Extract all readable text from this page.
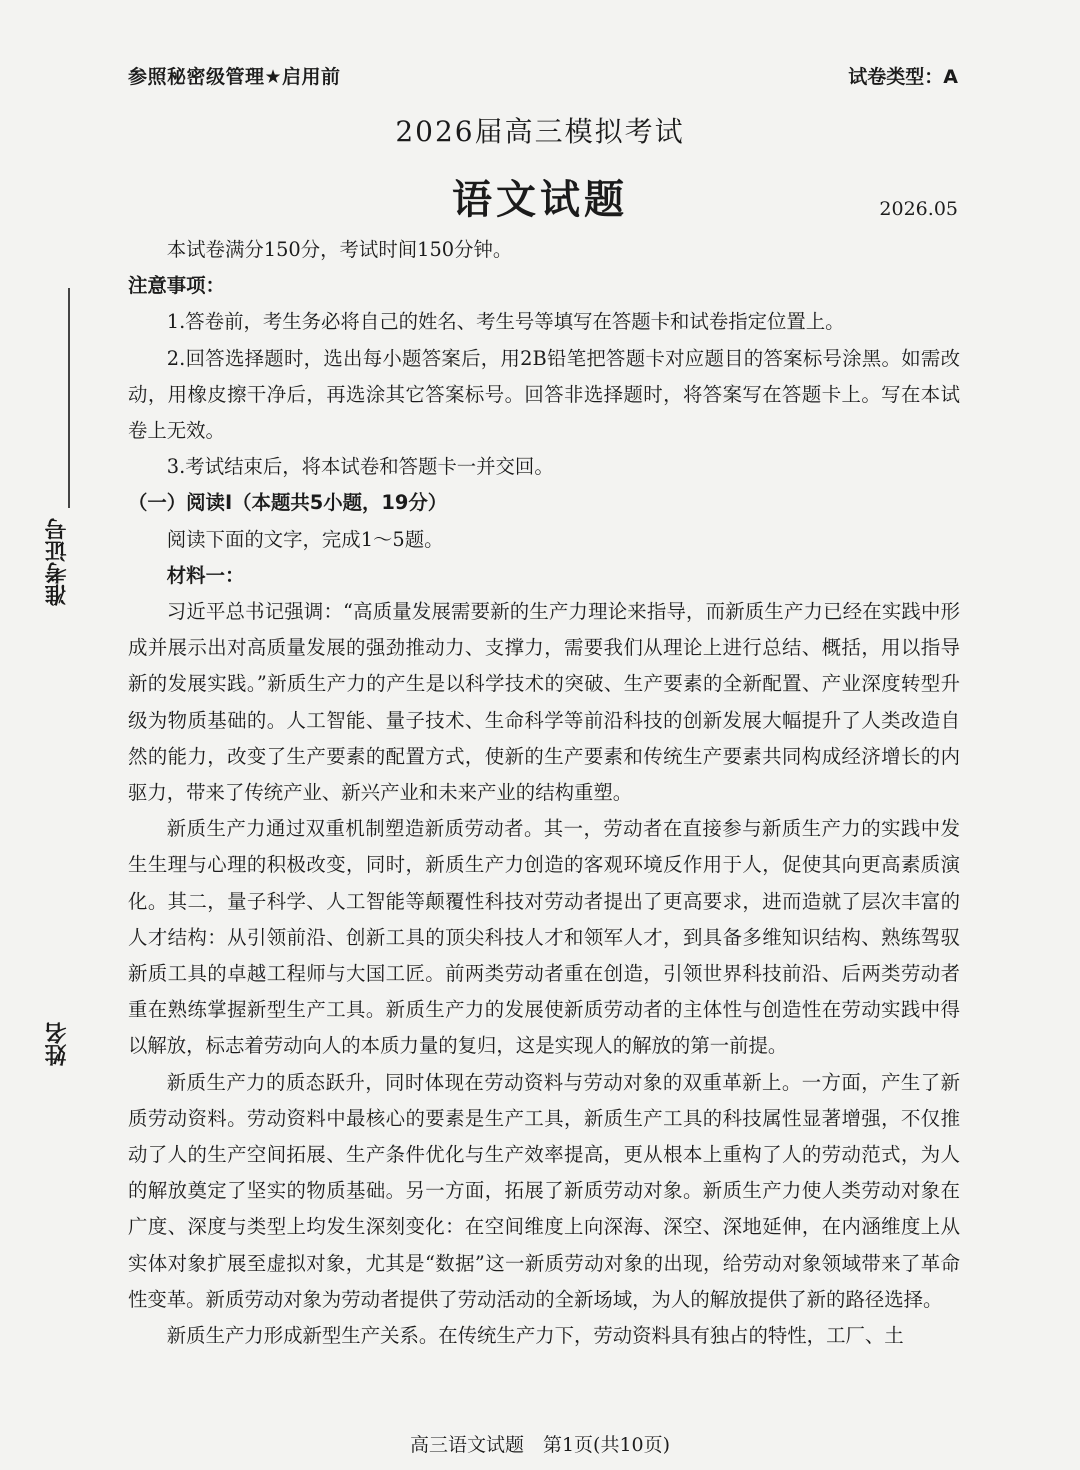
参照秘密级管理★启用前	试卷类型：A
2026届高三模拟考试
语文试题	2026.05
准考证号
姓名

本试卷满分150分，考试时间150分钟。

注意事项：

1.答卷前，考生务必将自己的姓名、考生号等填写在答题卡和试卷指定位置上。

2.回答选择题时，选出每小题答案后，用2B铅笔把答题卡对应题目的答案标号涂黑。如需改动，用橡皮擦干净后，再选涂其它答案标号。回答非选择题时，将答案写在答题卡上。写在本试卷上无效。

3.考试结束后，将本试卷和答题卡一并交回。

（一）阅读Ⅰ（本题共5小题，19分）

阅读下面的文字，完成1～5题。

材料一：

习近平总书记强调：“高质量发展需要新的生产力理论来指导，而新质生产力已经在实践中形成并展示出对高质量发展的强劲推动力、支撑力，需要我们从理论上进行总结、概括，用以指导新的发展实践。”新质生产力的产生是以科学技术的突破、生产要素的全新配置、产业深度转型升级为物质基础的。人工智能、量子技术、生命科学等前沿科技的创新发展大幅提升了人类改造自然的能力，改变了生产要素的配置方式，使新的生产要素和传统生产要素共同构成经济增长的内驱力，带来了传统产业、新兴产业和未来产业的结构重塑。

新质生产力通过双重机制塑造新质劳动者。其一，劳动者在直接参与新质生产力的实践中发生生理与心理的积极改变，同时，新质生产力创造的客观环境反作用于人，促使其向更高素质演化。其二，量子科学、人工智能等颠覆性科技对劳动者提出了更高要求，进而造就了层次丰富的人才结构：从引领前沿、创新工具的顶尖科技人才和领军人才，到具备多维知识结构、熟练驾驭新质工具的卓越工程师与大国工匠。前两类劳动者重在创造，引领世界科技前沿、后两类劳动者重在熟练掌握新型生产工具。新质生产力的发展使新质劳动者的主体性与创造性在劳动实践中得以解放，标志着劳动向人的本质力量的复归，这是实现人的解放的第一前提。

新质生产力的质态跃升，同时体现在劳动资料与劳动对象的双重革新上。一方面，产生了新质劳动资料。劳动资料中最核心的要素是生产工具，新质生产工具的科技属性显著增强，不仅推动了人的生产空间拓展、生产条件优化与生产效率提高，更从根本上重构了人的劳动范式，为人的解放奠定了坚实的物质基础。另一方面，拓展了新质劳动对象。新质生产力使人类劳动对象在广度、深度与类型上均发生深刻变化：在空间维度上向深海、深空、深地延伸，在内涵维度上从实体对象扩展至虚拟对象，尤其是“数据”这一新质劳动对象的出现，给劳动对象领域带来了革命性变革。新质劳动对象为劳动者提供了劳动活动的全新场域，为人的解放提供了新的路径选择。

新质生产力形成新型生产关系。在传统生产力下，劳动资料具有独占的特性，工厂、土

高三语文试题　第1页(共10页)
